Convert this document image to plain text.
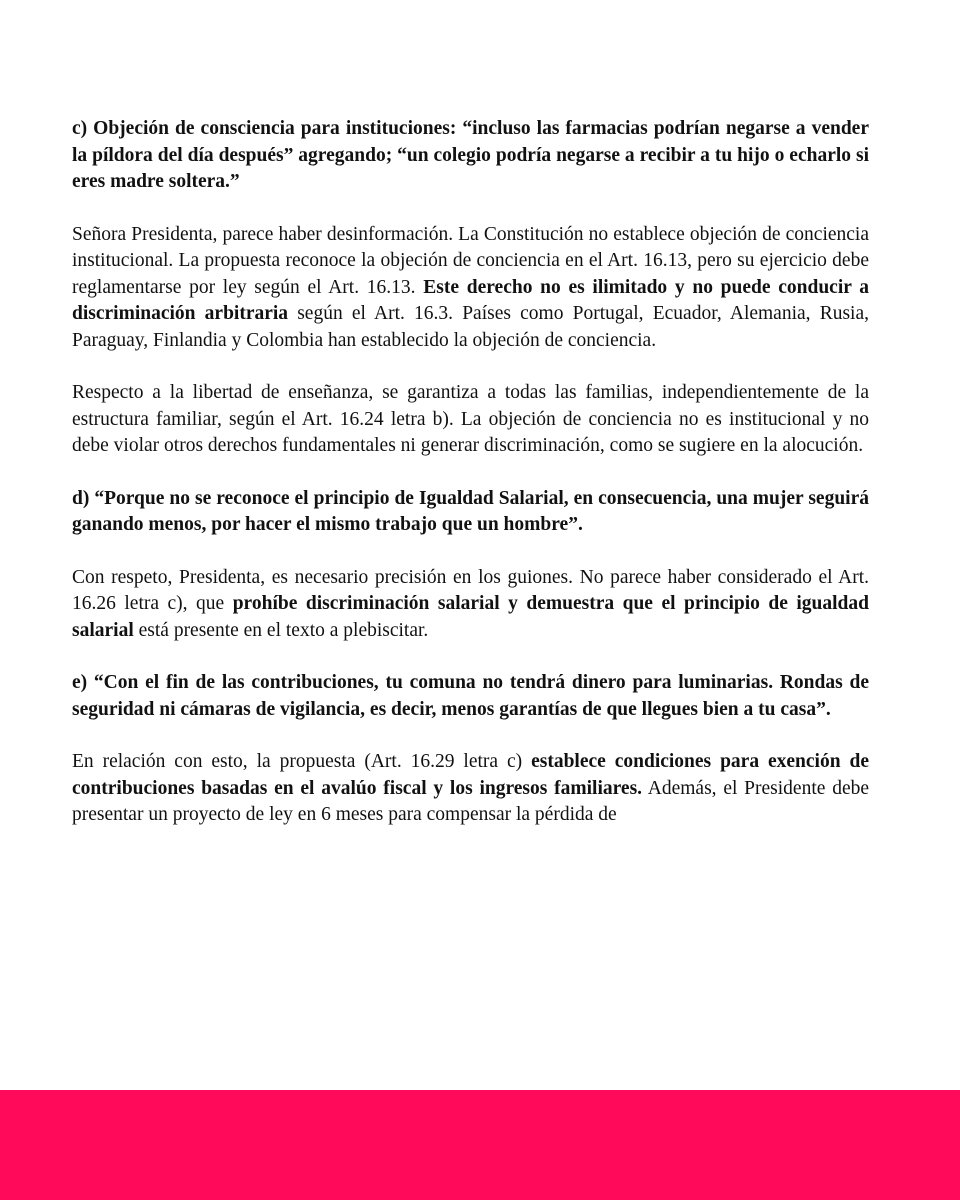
c) Objeción de consciencia para instituciones: “incluso las farmacias podrían negarse a vender la píldora del día después” agregando; “un colegio podría negarse a recibir a tu hijo o echarlo si eres madre soltera.”

Señora Presidenta, parece haber desinformación. La Constitución no establece objeción de conciencia institucional. La propuesta reconoce la objeción de conciencia en el Art. 16.13, pero su ejercicio debe reglamentarse por ley según el Art. 16.13. Este derecho no es ilimitado y no puede conducir a discriminación arbitraria según el Art. 16.3. Países como Portugal, Ecuador, Alemania, Rusia, Paraguay, Finlandia y Colombia han establecido la objeción de conciencia.

Respecto a la libertad de enseñanza, se garantiza a todas las familias, independientemente de la estructura familiar, según el Art. 16.24 letra b). La objeción de conciencia no es institucional y no debe violar otros derechos fundamentales ni generar discriminación, como se sugiere en la alocución.

d) “Porque no se reconoce el principio de Igualdad Salarial, en consecuencia, una mujer seguirá ganando menos, por hacer el mismo trabajo que un hombre”.

Con respeto, Presidenta, es necesario precisión en los guiones. No parece haber considerado el Art. 16.26 letra c), que prohíbe discriminación salarial y demuestra que el principio de igualdad salarial está presente en el texto a plebiscitar.

e) “Con el fin de las contribuciones, tu comuna no tendrá dinero para luminarias. Rondas de seguridad ni cámaras de vigilancia, es decir, menos garantías de que llegues bien a tu casa”.

En relación con esto, la propuesta (Art. 16.29 letra c) establece condiciones para exención de contribuciones basadas en el avalúo fiscal y los ingresos familiares. Además, el Presidente debe presentar un proyecto de ley en 6 meses para compensar la pérdida de
